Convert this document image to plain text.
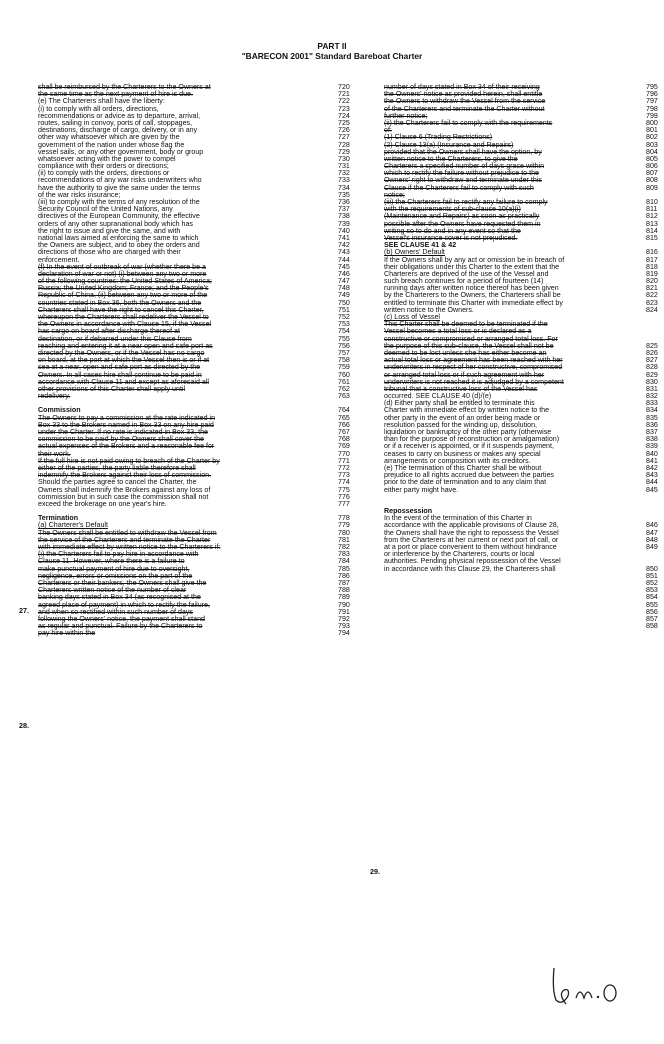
PART II
"BARECON 2001" Standard Bareboat Charter
27.
28.
29.
shall be reimbursed by the Charterers to the Owners at	720
the same time as the next payment of hire is due.	721
(e) The Charterers shall have the liberty:	722
(i) to comply with all orders, directions,	723
recommendations or advice as to departure, arrival,	724
routes, sailing in convoy, ports of call, stoppages,	725
destinations, discharge of cargo, delivery, or in any	726
other way whatsoever which are given by the	727
government of the nation under whose flag the	728
vessel sails, or any other government, body or group	729
whatsoever acting with the power to compel	730
compliance with their orders or directions;	731
(ii) to comply with the orders, directions or	732
recommendations of any war risks underwriters who	733
have the authority to give the same under the terms	734
of the war risks insurance;	735
(iii) to comply with the terms of any resolution of the	736
Security Council of the United Nations, any	737
directives of the European Community, the effective	738
orders of any other supranational body which has	739
the right to issue and give the same, and with	740
national laws aimed at enforcing the same to which	741
the Owners are subject, and to obey the orders and	742
directions of those who are charged with their	743
enforcement.	744
(f) In the event of outbreak of war (whether there be a	745
declaration of war or not) (i) between any two or more	746
of the following countries: the United States of America;	747
Russia; the United Kingdom; France; and the People's	748
Republic of China, (ii) between any two or more of the	749
countries stated in Box 36, both the Owners and the	750
Charterers shall have the right to cancel this Charter,	751
whereupon the Charterers shall redeliver the Vessel to	752
the Owners in accordance with Clause 15, if the Vessel	753
has cargo on board after discharge thereof at	754
destination, or if debarred under this Clause from	755
reaching and entering it at a near open and safe port as	756
directed by the Owners, or if the Vessel has no cargo	757
on board, at the port at which the Vessel then is or if at	758
sea at a near, open and safe port as directed by the	759
Owners. In all cases hire shall continue to be paid in	760
accordance with Clause 11 and except as aforesaid all	761
other provisions of this Charter shall apply until	762
redelivery.	763
Commission	764
The Owners to pay a commission at the rate indicated in	765
Box 33 to the Brokers named in Box 33 on any hire paid	766
under the Charter. If no rate is indicated in Box 33, the	767
commission to be paid by the Owners shall cover the	768
actual expenses of the Brokers and a reasonable fee for	769
their work.	770
If the full hire is not paid owing to breach of the Charter by	771
either of the parties, the party liable therefore shall	772
indemnify the Brokers against their loss of commission.	773
Should the parties agree to cancel the Charter, the	774
Owners shall indemnify the Brokers against any loss of	775
commission but in such case the commission shall not	776
exceed the brokerage on one year's hire.	777
Termination	778
(a) Charterer's Default	779
The Owners shall be entitled to withdraw the Vessel from	780
the service of the Charterers and terminate the Charter	781
with immediate effect by written notice to the Charterers if:	782
(i) the Charterers fail to pay hire in accordance with	783
Clause 11. However, where there is a failure to	784
make punctual payment of hire due to oversight,	785
negligence, errors or omissions on the part of the	786
Charterers or their bankers, the Owners shall give the	787
Charterers written notice of the number of clear	788
banking days stated in Box 34 (as recognised at the	789
agreed place of payment) in which to rectify the failure,	790
and when so rectified within such number of days	791
following the Owners' notice, the payment shall stand	792
as regular and punctual. Failure by the Charterers to	793
pay hire within the	794
number of days stated in Box 34 of their receiving	795
the Owners' notice as provided herein, shall entitle	796
the Owners to withdraw the Vessel from the service	797
of the Charterers and terminate the Charter without	798
further notice;	799
(ii) the Charterers fail to comply with the requirements	800
of:	801
(1) Clause 6 (Trading Restrictions)	802
(2) Clause 13(a) (Insurance and Repairs)	803
provided that the Owners shall have the option, by	804
written notice to the Charterers, to give the	805
Charterers a specified number of days grace within	806
which to rectify the failure without prejudice to the	807
Owners' right to withdraw and terminate under this	808
Clause if the Charterers fail to comply with such	809
notice;
(iii) the Charterers fail to rectify any failure to comply	810
with the requirements of sub-clause 10(a)(i)	811
(Maintenance and Repairs) as soon as practically	812
possible after the Owners have requested them in	813
writing so to do and in any event so that the	814
Vessel's insurance cover is not prejudiced.	815
SEE CLAUSE 41 & 42
(b) Owners' Default	816
If the Owners shall by any act or omission be in breach of	817
their obligations under this Charter to the extent that the	818
Charterers are deprived of the use of the Vessel and	819
such breach continues for a period of fourteen (14)	820
running days after written notice thereof has been given	821
by the Charterers to the Owners, the Charterers shall be	822
entitled to terminate this Charter with immediate effect by	823
written notice to the Owners.	824
(c) Loss of Vessel
This Charter shall be deemed to be terminated if the
Vessel becomes a total loss or is declared as a
constructive or compromised or arranged total loss. For
the purpose of this sub-clause, the Vessel shall not be	825
deemed to be lost unless she has either become an	826
actual total loss or agreement has been reached with her	827
underwriters in respect of her constructive, compromised	828
or arranged total loss or if such agreement with her	829
underwriters is not reached it is adjudged by a competent	830
tribunal that a constructive loss of the Vessel has	831
occurred. SEE CLAUSE 40 (d)/(e)	832
(d) Either party shall be entitled to terminate this	833
Charter with immediate effect by written notice to the	834
other party in the event of an order being made or	835
resolution passed for the winding up, dissolution,	836
liquidation or bankruptcy of the other party (otherwise	837
than for the purpose of reconstruction or amalgamation)	838
or if a receiver is appointed, or if it suspends payment,	839
ceases to carry on business or makes any special	840
arrangements or composition with its creditors.	841
(e) The termination of this Charter shall be without	842
prejudice to all rights accrued due between the parties	843
prior to the date of termination and to any claim that	844
either party might have.	845
Repossession
In the event of the termination of this Charter in
accordance with the applicable provisions of Clause 28,	846
the Owners shall have the right to repossess the Vessel	847
from the Charterers at her current or next port of call, or	848
at a port or place convenient to them without hindrance	849
or interference by the Charterers, courts or local
authorities. Pending physical repossession of the Vessel
in accordance with this Clause 29, the Charterers shall	850
851
852
853
854
855
856
857
858
